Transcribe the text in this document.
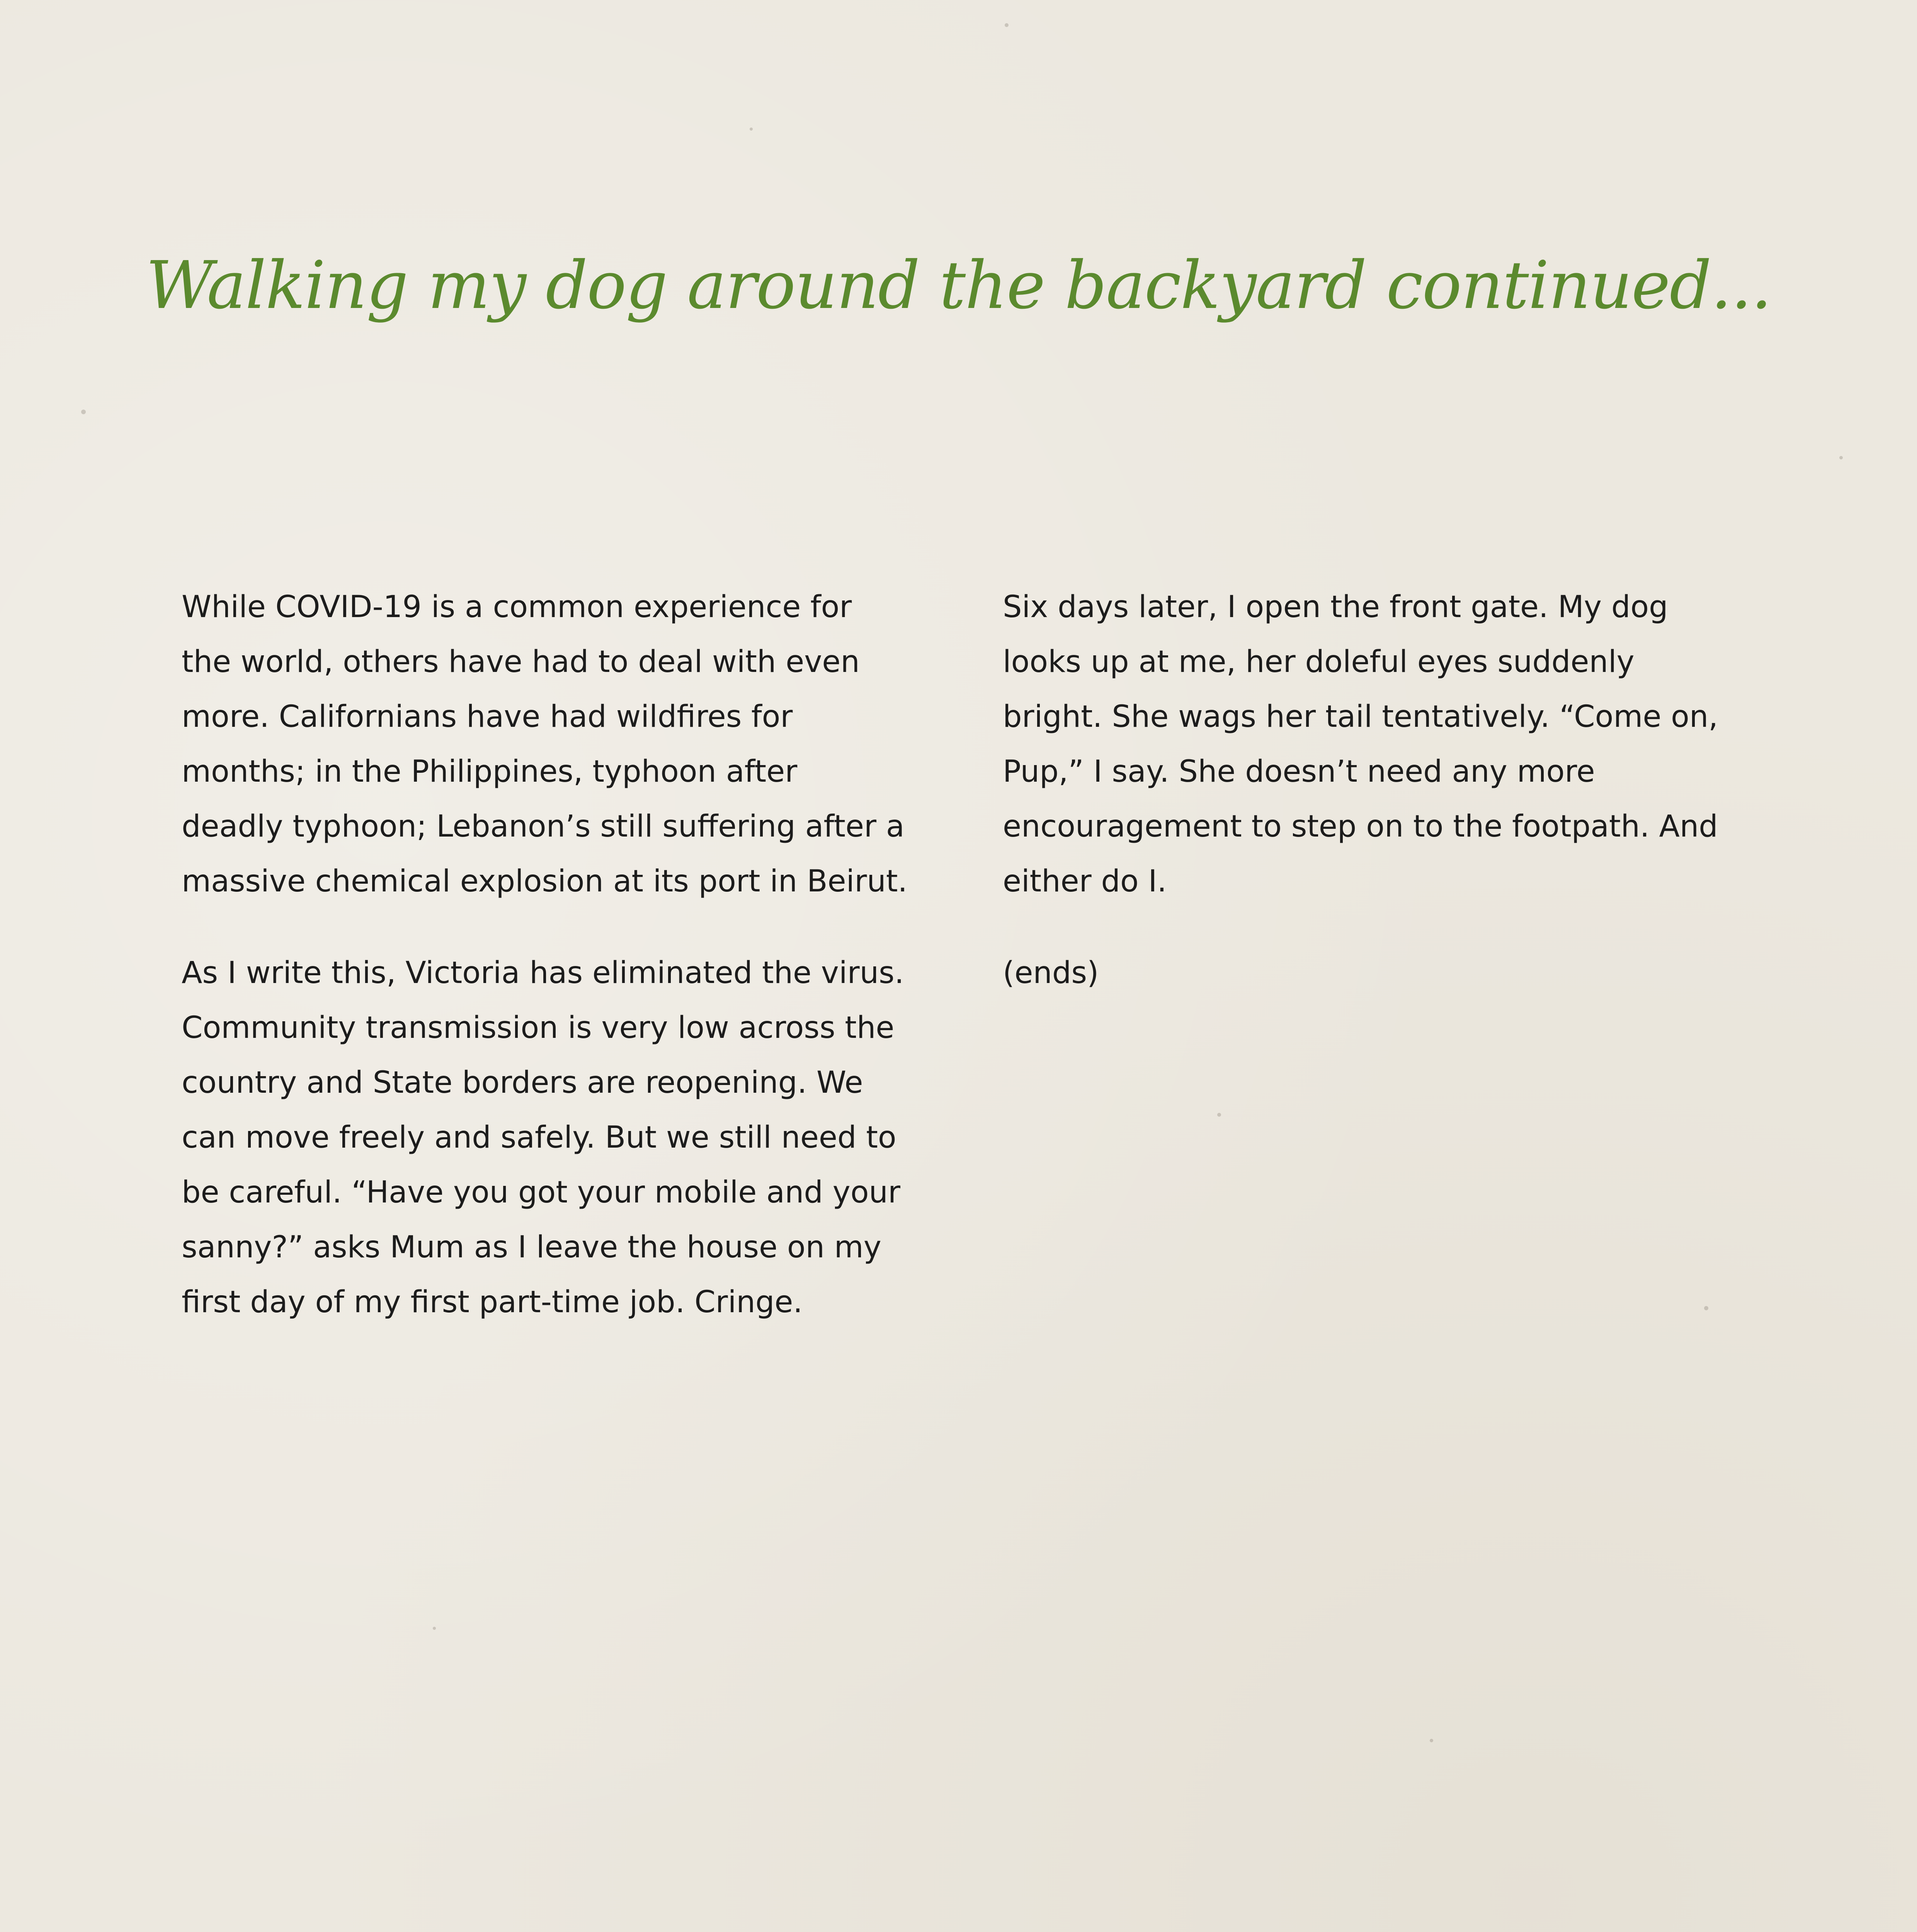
Walking my dog around the backyard continued...

While COVID-19 is a common experience for the world, others have had to deal with even more. Californians have had wildfires for months; in the Philippines, typhoon after deadly typhoon; Lebanon’s still suffering after a massive chemical explosion at its port in Beirut.

As I write this, Victoria has eliminated the virus. Community transmission is very low across the country and State borders are reopening. We can move freely and safely. But we still need to be careful. “Have you got your mobile and your sanny?” asks Mum as I leave the house on my first day of my first part-time job. Cringe.

Six days later, I open the front gate. My dog looks up at me, her doleful eyes suddenly bright. She wags her tail tentatively. “Come on, Pup,” I say. She doesn’t need any more encouragement to step on to the footpath. And either do I.

(ends)
